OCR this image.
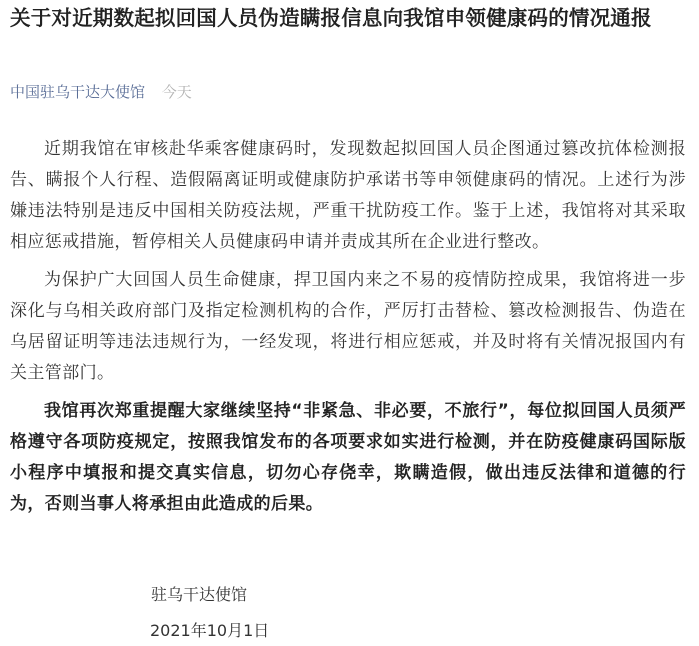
关于对近期数起拟回国人员伪造瞒报信息向我馆申领健康码的情况通报
中国驻乌干达大使馆 今天

近期我馆在审核赴华乘客健康码时，发现数起拟回国人员企图通过篡改抗体检测报告、瞒报个人行程、造假隔离证明或健康防护承诺书等申领健康码的情况。上述行为涉嫌违法特别是违反中国相关防疫法规，严重干扰防疫工作。鉴于上述，我馆将对其采取相应惩戒措施，暂停相关人员健康码申请并责成其所在企业进行整改。

为保护广大回国人员生命健康，捍卫国内来之不易的疫情防控成果，我馆将进一步深化与乌相关政府部门及指定检测机构的合作，严厉打击替检、篡改检测报告、伪造在乌居留证明等违法违规行为，一经发现，将进行相应惩戒，并及时将有关情况报国内有关主管部门。

我馆再次郑重提醒大家继续坚持“非紧急、非必要，不旅行”，每位拟回国人员须严格遵守各项防疫规定，按照我馆发布的各项要求如实进行检测，并在防疫健康码国际版小程序中填报和提交真实信息，切勿心存侥幸，欺瞒造假，做出违反法律和道德的行为，否则当事人将承担由此造成的后果。

驻乌干达使馆
2021年10月1日
